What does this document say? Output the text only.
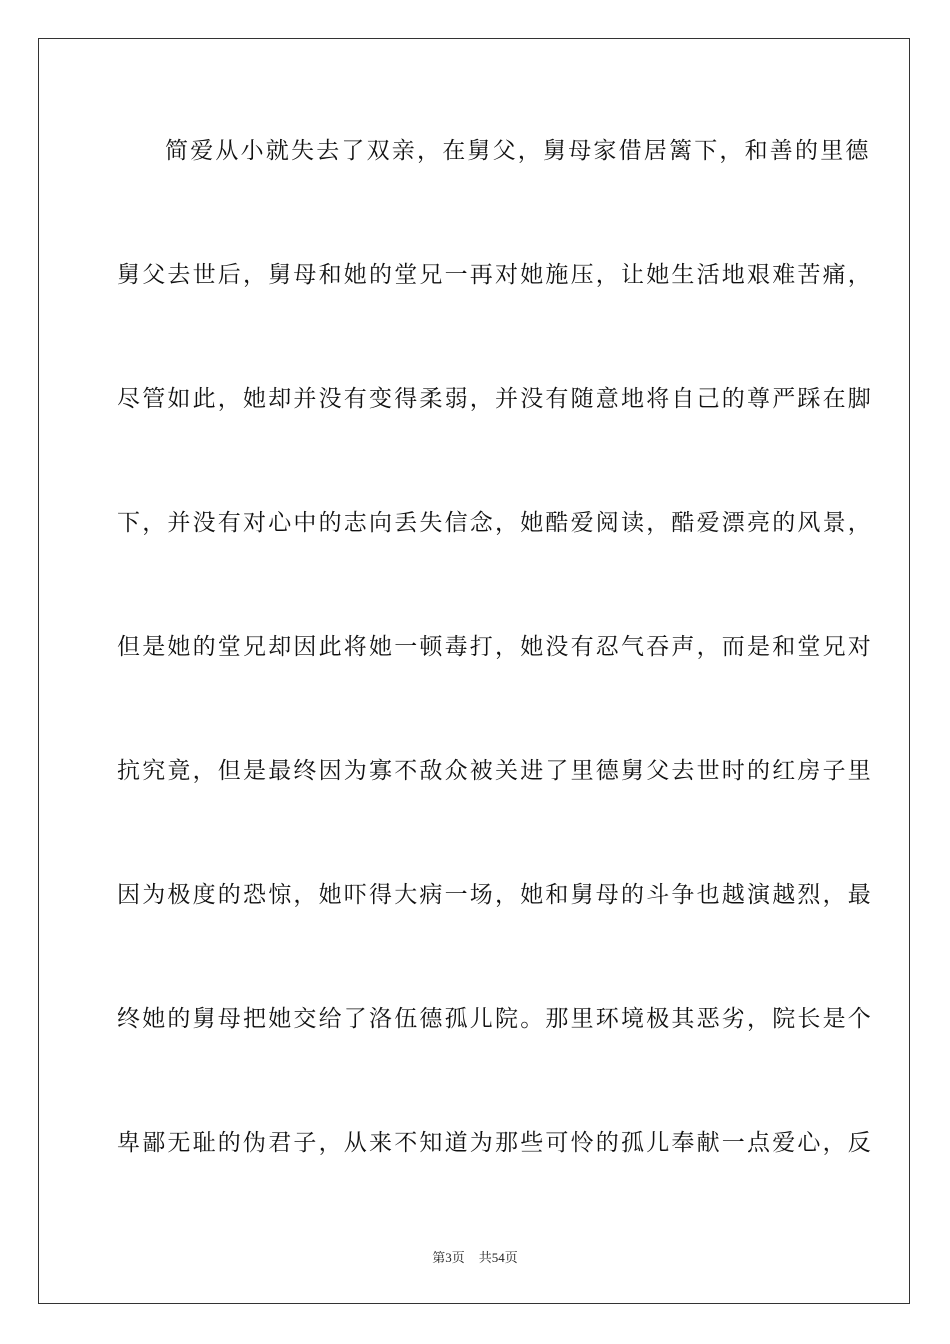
简爱从小就失去了双亲，在舅父，舅母家借居篱下，和善的里德
舅父去世后，舅母和她的堂兄一再对她施压，让她生活地艰难苦痛，
尽管如此，她却并没有变得柔弱，并没有随意地将自己的尊严踩在脚
下，并没有对心中的志向丢失信念，她酷爱阅读，酷爱漂亮的风景，
但是她的堂兄却因此将她一顿毒打，她没有忍气吞声，而是和堂兄对
抗究竟，但是最终因为寡不敌众被关进了里德舅父去世时的红房子里
因为极度的恐惊，她吓得大病一场，她和舅母的斗争也越演越烈，最
终她的舅母把她交给了洛伍德孤儿院。那里环境极其恶劣，院长是个
卑鄙无耻的伪君子，从来不知道为那些可怜的孤儿奉献一点爱心，反
第3页 共54页
